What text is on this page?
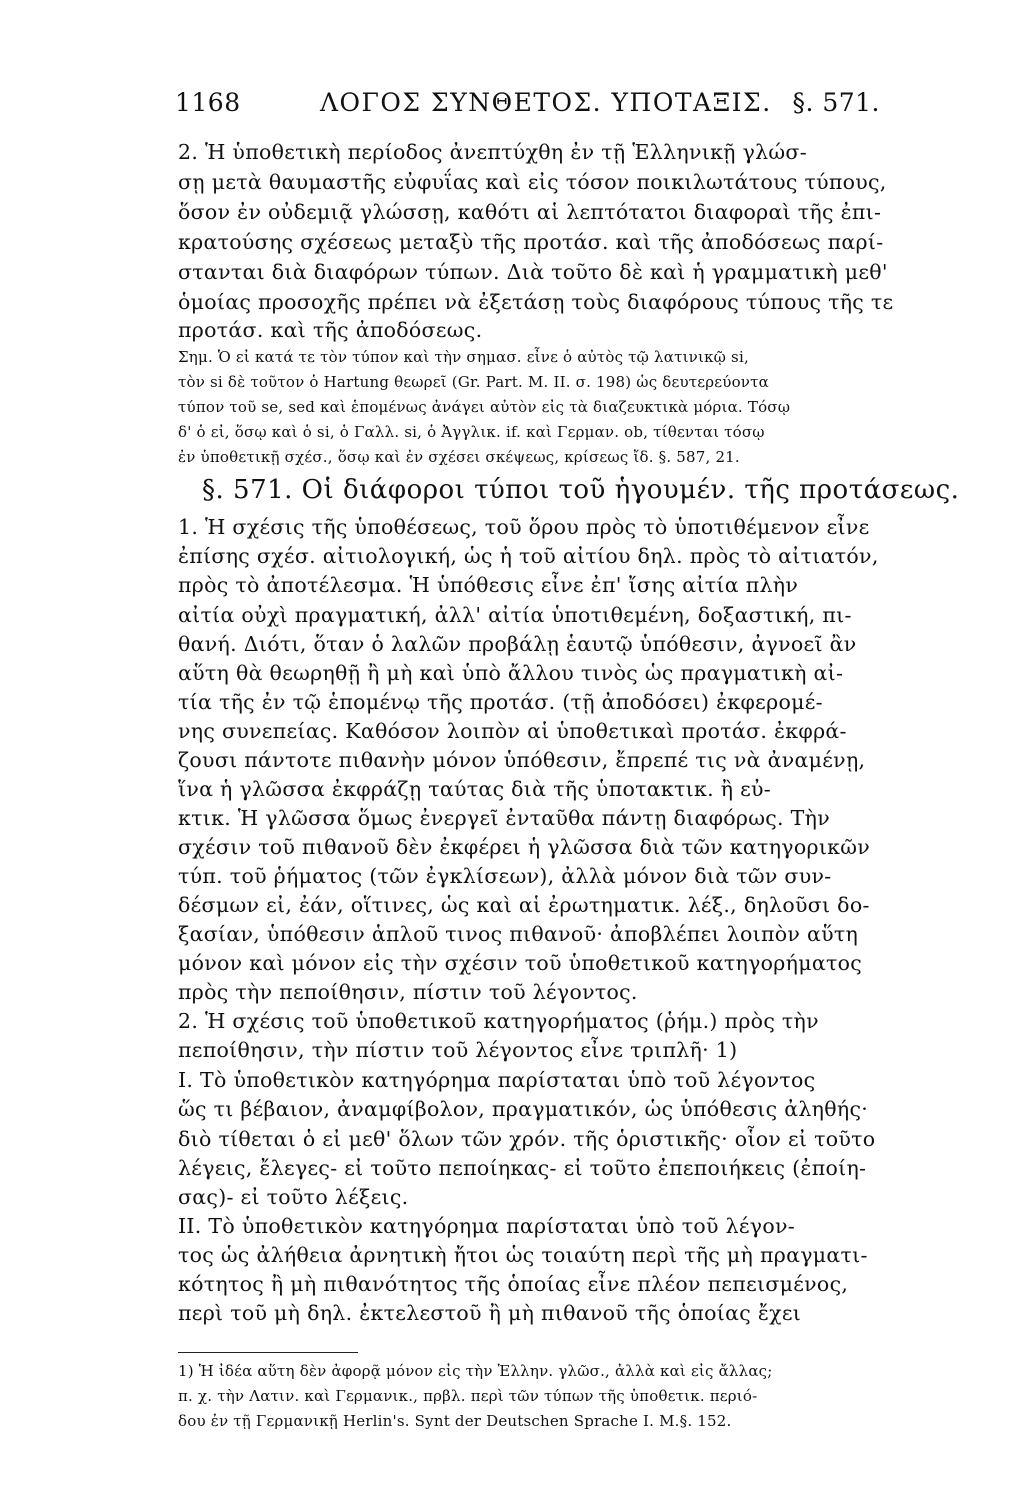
1168	ΛΟΓΟΣ ΣΥΝΘΕΤΟΣ. ΥΠΟΤΑΞΙΣ. §. 571.
2. Ἡ ὑποθετικὴ περίοδος ἀνεπτύχθη ἐν τῇ Ἑλληνικῇ γλώσ-
σῃ μετὰ θαυμαστῆς εὐφυΐας καὶ εἰς τόσον ποικιλωτάτους τύπους,
ὅσον ἐν οὐδεμιᾷ γλώσσῃ, καθότι αἱ λεπτότατοι διαφοραὶ τῆς ἐπι-
κρατούσης σχέσεως μεταξὺ τῆς προτάσ. καὶ τῆς ἀποδόσεως παρί-
στανται διὰ διαφόρων τύπων. Διὰ τοῦτο δὲ καὶ ἡ γραμματικὴ μεθ'
ὁμοίας προσοχῆς πρέπει νὰ ἐξετάσῃ τοὺς διαφόρους τύπους τῆς τε
προτάσ. καὶ τῆς ἀποδόσεως.
Σημ. Ὁ εἰ κατά τε τὸν τύπον καὶ τὴν σημασ. εἶνε ὁ αὐτὸς τῷ λατινικῷ si,
τὸν si δὲ τοῦτον ὁ Hartung θεωρεῖ (Gr. Part. M. II. σ. 198) ὡς δευτερεύοντα
τύπον τοῦ se, sed καὶ ἑπομένως ἀνάγει αὐτὸν εἰς τὰ διαζευκτικὰ μόρια. Τόσῳ
δ' ὁ εἰ, ὅσῳ καὶ ὁ si, ὁ Γαλλ. si, ὁ Ἀγγλικ. if. καὶ Γερμαν. ob, τίθενται τόσῳ
ἐν ὑποθετικῇ σχέσ., ὅσῳ καὶ ἐν σχέσει σκέψεως, κρίσεως ἴδ. §. 587, 21.
§. 571. Οἱ διάφοροι τύποι τοῦ ἡγουμέν. τῆς προτάσεως.
1. Ἡ σχέσις τῆς ὑποθέσεως, τοῦ ὅρου πρὸς τὸ ὑποτιθέμενον εἶνε
ἐπίσης σχέσ. αἰτιολογική, ὡς ἡ τοῦ αἰτίου δηλ. πρὸς τὸ αἰτιατόν,
πρὸς τὸ ἀποτέλεσμα. Ἡ ὑπόθεσις εἶνε ἐπ' ἴσης αἰτία πλὴν
αἰτία οὐχὶ πραγματική, ἀλλ' αἰτία ὑποτιθεμένη, δοξαστική, πι-
θανή. Διότι, ὅταν ὁ λαλῶν προβάλῃ ἑαυτῷ ὑπόθεσιν, ἀγνοεῖ ἂν
αὕτη θὰ θεωρηθῇ ἢ μὴ καὶ ὑπὸ ἄλλου τινὸς ὡς πραγματικὴ αἰ-
τία τῆς ἐν τῷ ἑπομένῳ τῆς προτάσ. (τῇ ἀποδόσει) ἐκφερομέ-
νης συνεπείας. Καθόσον λοιπὸν αἱ ὑποθετικαὶ προτάσ. ἐκφρά-
ζουσι πάντοτε πιθανὴν μόνον ὑπόθεσιν, ἔπρεπέ τις νὰ ἀναμένῃ,
ἵνα ἡ γλῶσσα ἐκφράζῃ ταύτας διὰ τῆς ὑποτακτικ. ἢ εὐ-
κτικ. Ἡ γλῶσσα ὅμως ἐνεργεῖ ἐνταῦθα πάντῃ διαφόρως. Τὴν
σχέσιν τοῦ πιθανοῦ δὲν ἐκφέρει ἡ γλῶσσα διὰ τῶν κατηγορικῶν
τύπ. τοῦ ῥήματος (τῶν ἐγκλίσεων), ἀλλὰ μόνον διὰ τῶν συν-
δέσμων εἰ, ἐάν, οἵτινες, ὡς καὶ αἱ ἐρωτηματικ. λέξ., δηλοῦσι δο-
ξασίαν, ὑπόθεσιν ἁπλοῦ τινος πιθανοῦ· ἀποβλέπει λοιπὸν αὕτη
μόνον καὶ μόνον εἰς τὴν σχέσιν τοῦ ὑποθετικοῦ κατηγορήματος
πρὸς τὴν πεποίθησιν, πίστιν τοῦ λέγοντος.
2. Ἡ σχέσις τοῦ ὑποθετικοῦ κατηγορήματος (ῥήμ.) πρὸς τὴν
πεποίθησιν, τὴν πίστιν τοῦ λέγοντος εἶνε τριπλῆ· 1)
I. Τὸ ὑποθετικὸν κατηγόρημα παρίσταται ὑπὸ τοῦ λέγοντος
ὥς τι βέβαιον, ἀναμφίβολον, πραγματικόν, ὡς ὑπόθεσις ἀληθής·
διὸ τίθεται ὁ εἰ μεθ' ὅλων τῶν χρόν. τῆς ὁριστικῆς· οἷον εἰ τοῦτο
λέγεις, ἔλεγες- εἰ τοῦτο πεποίηκας- εἰ τοῦτο ἐπεποιήκεις (ἐποίη-
σας)- εἰ τοῦτο λέξεις.
II. Τὸ ὑποθετικὸν κατηγόρημα παρίσταται ὑπὸ τοῦ λέγον-
τος ὡς ἀλήθεια ἀρνητικὴ ἤτοι ὡς τοιαύτη περὶ τῆς μὴ πραγματι-
κότητος ἢ μὴ πιθανότητος τῆς ὁποίας εἶνε πλέον πεπεισμένος,
περὶ τοῦ μὴ δηλ. ἐκτελεστοῦ ἢ μὴ πιθανοῦ τῆς ὁποίας ἔχει
1) Ἡ ἰδέα αὕτη δὲν ἀφορᾷ μόνον εἰς τὴν Ἑλλην. γλῶσ., ἀλλὰ καὶ εἰς ἄλλας;
π. χ. τὴν Λατιν. καὶ Γερμανικ., πρβλ. περὶ τῶν τύπων τῆς ὑποθετικ. περιό-
δου ἐν τῇ Γερμανικῇ Herlin's. Synt der Deutschen Sprache I. M.§. 152.
